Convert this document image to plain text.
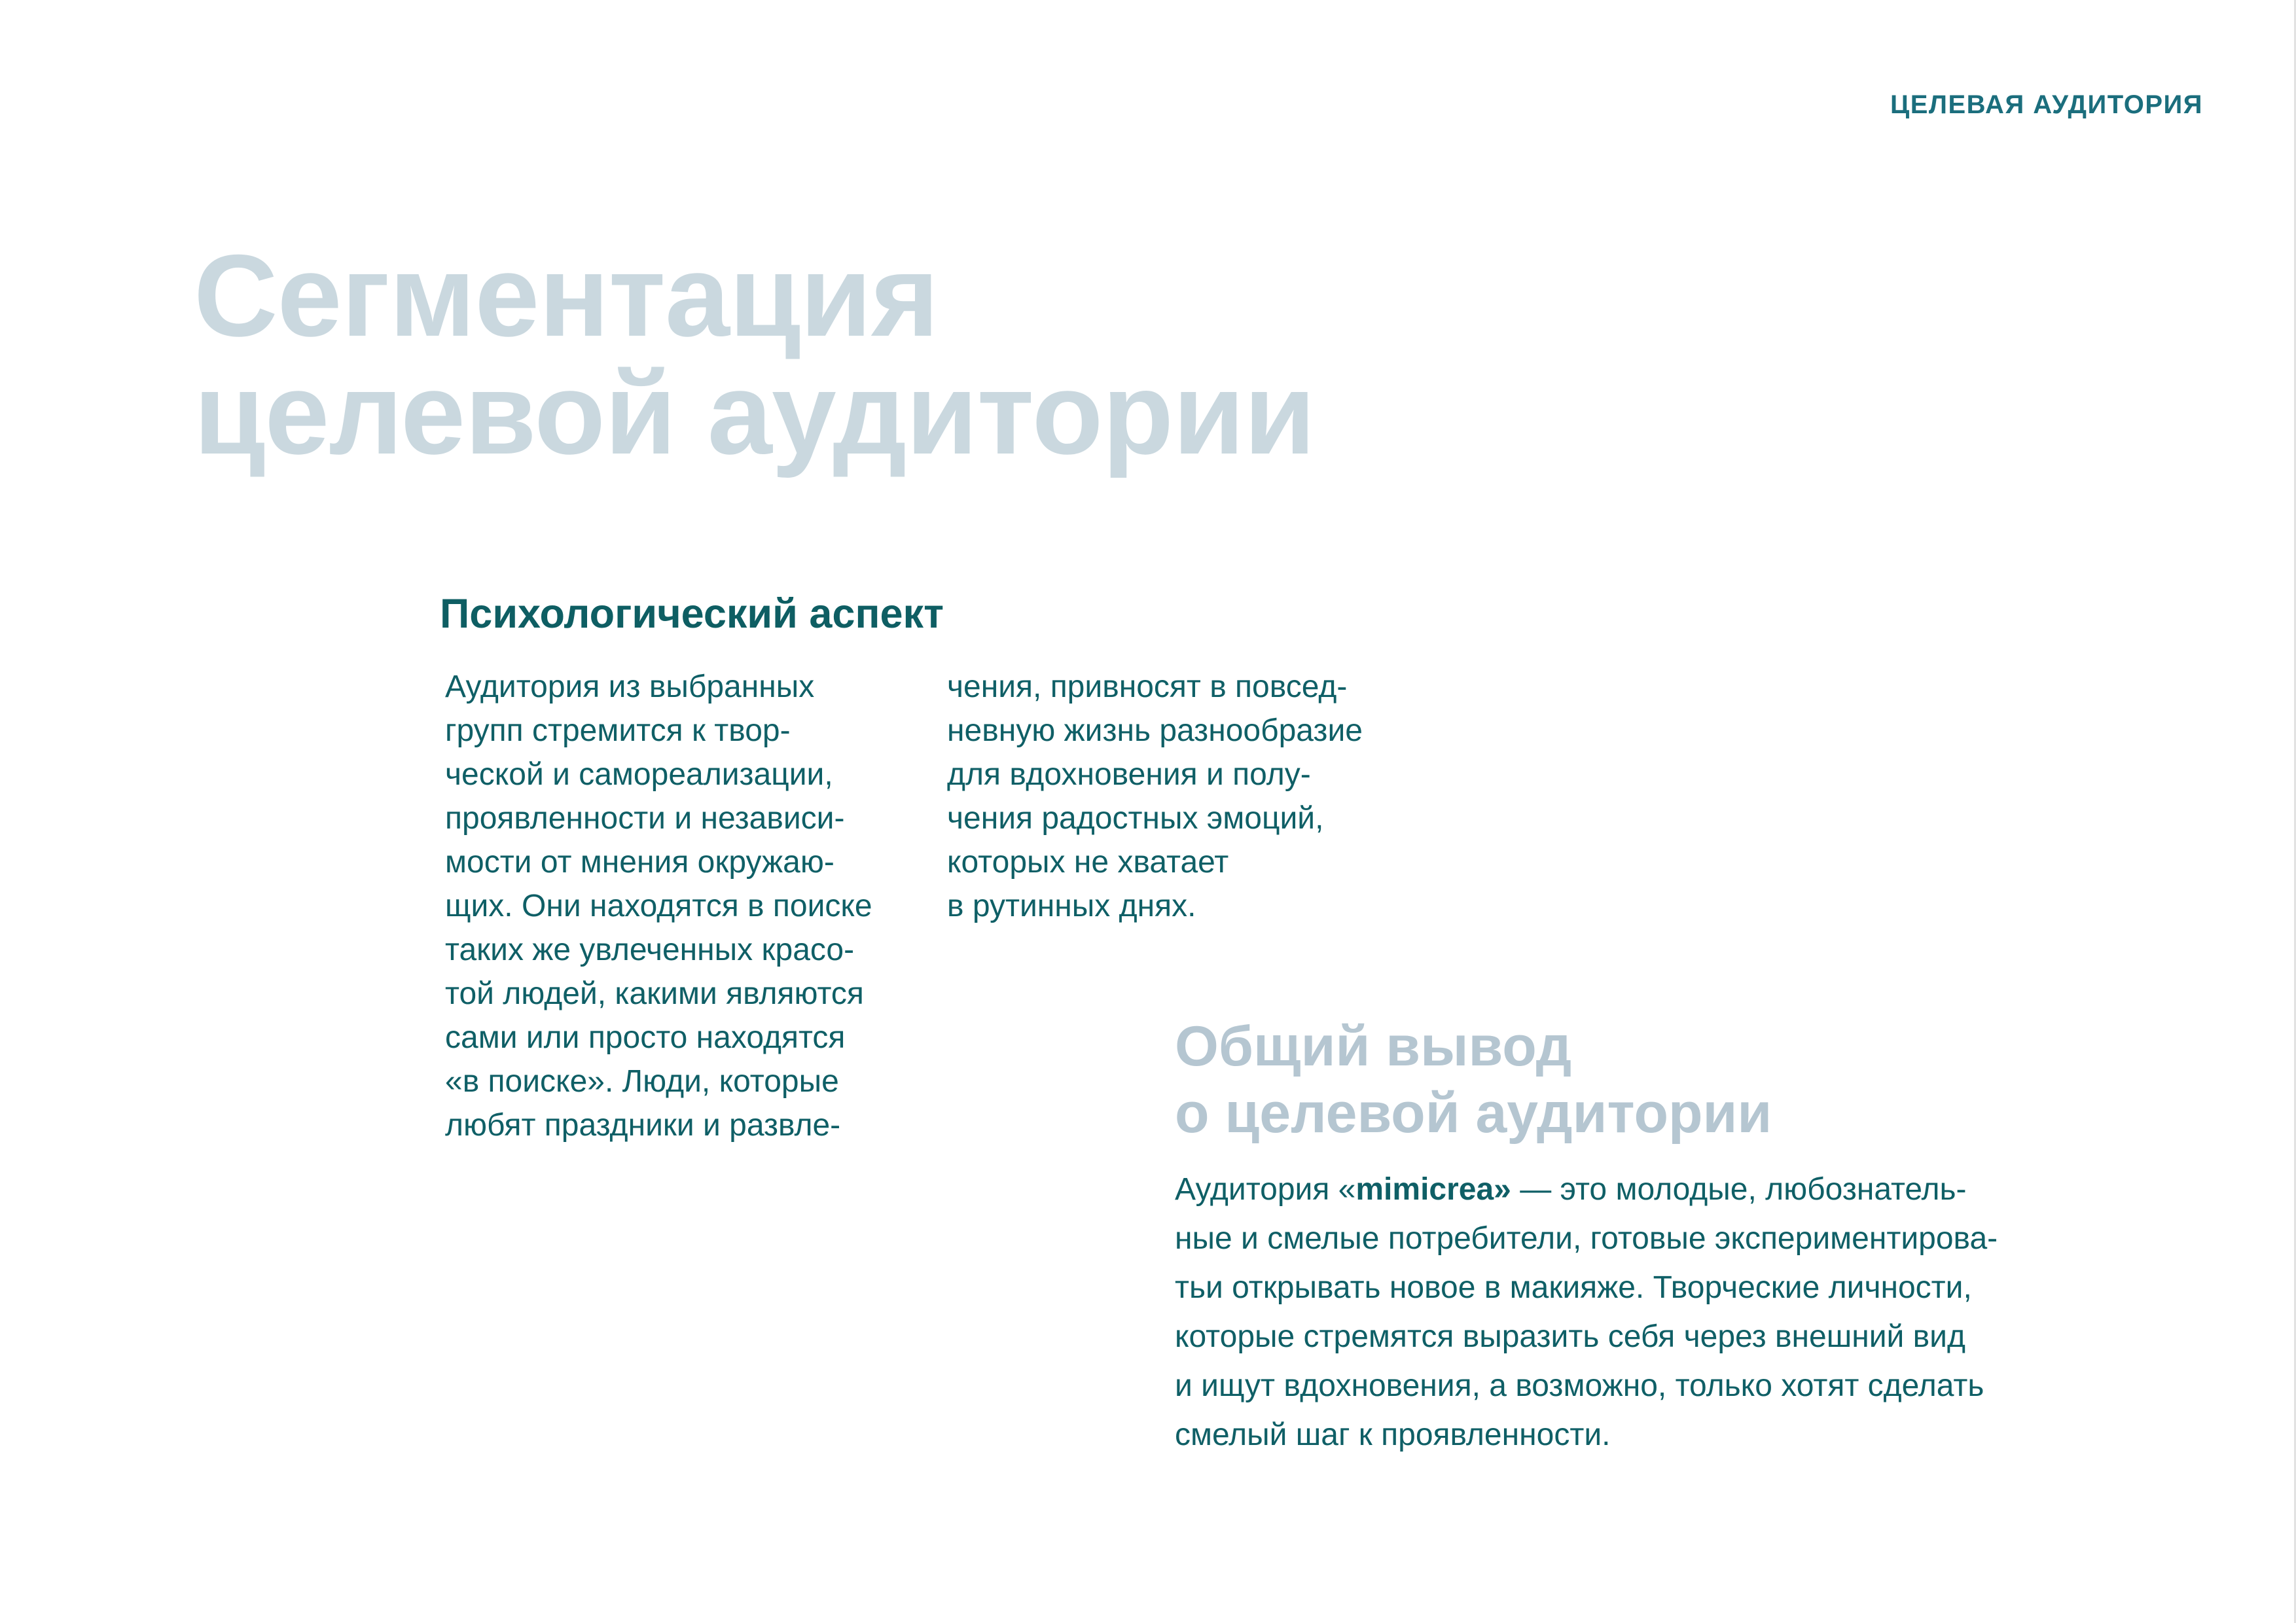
ЦЕЛЕВАЯ АУДИТОРИЯ
Сегментация
целевой аудитории
Психологический аспект
Аудитория из выбранных
групп стремится к твор-
ческой и самореализации,
проявленности и независи-
мости от мнения окружаю-
щих. Они находятся в поиске
таких же увлеченных красо-
той людей, какими являются
сами или просто находятся
«в поиске». Люди, которые
любят праздники и развле-
чения, привносят в повсед-
невную жизнь разнообразие
для вдохновения и полу-
чения радостных эмоций,
которых не хватает
в рутинных днях.
Общий вывод
о целевой аудитории
Аудитория «mimicrea» — это молодые, любознатель-
ные и смелые потребители, готовые экспериментирова-
тьи открывать новое в макияже. Творческие личности,
которые стремятся выразить себя через внешний вид
и ищут вдохновения, а возможно, только хотят сделать
смелый шаг к проявленности.
